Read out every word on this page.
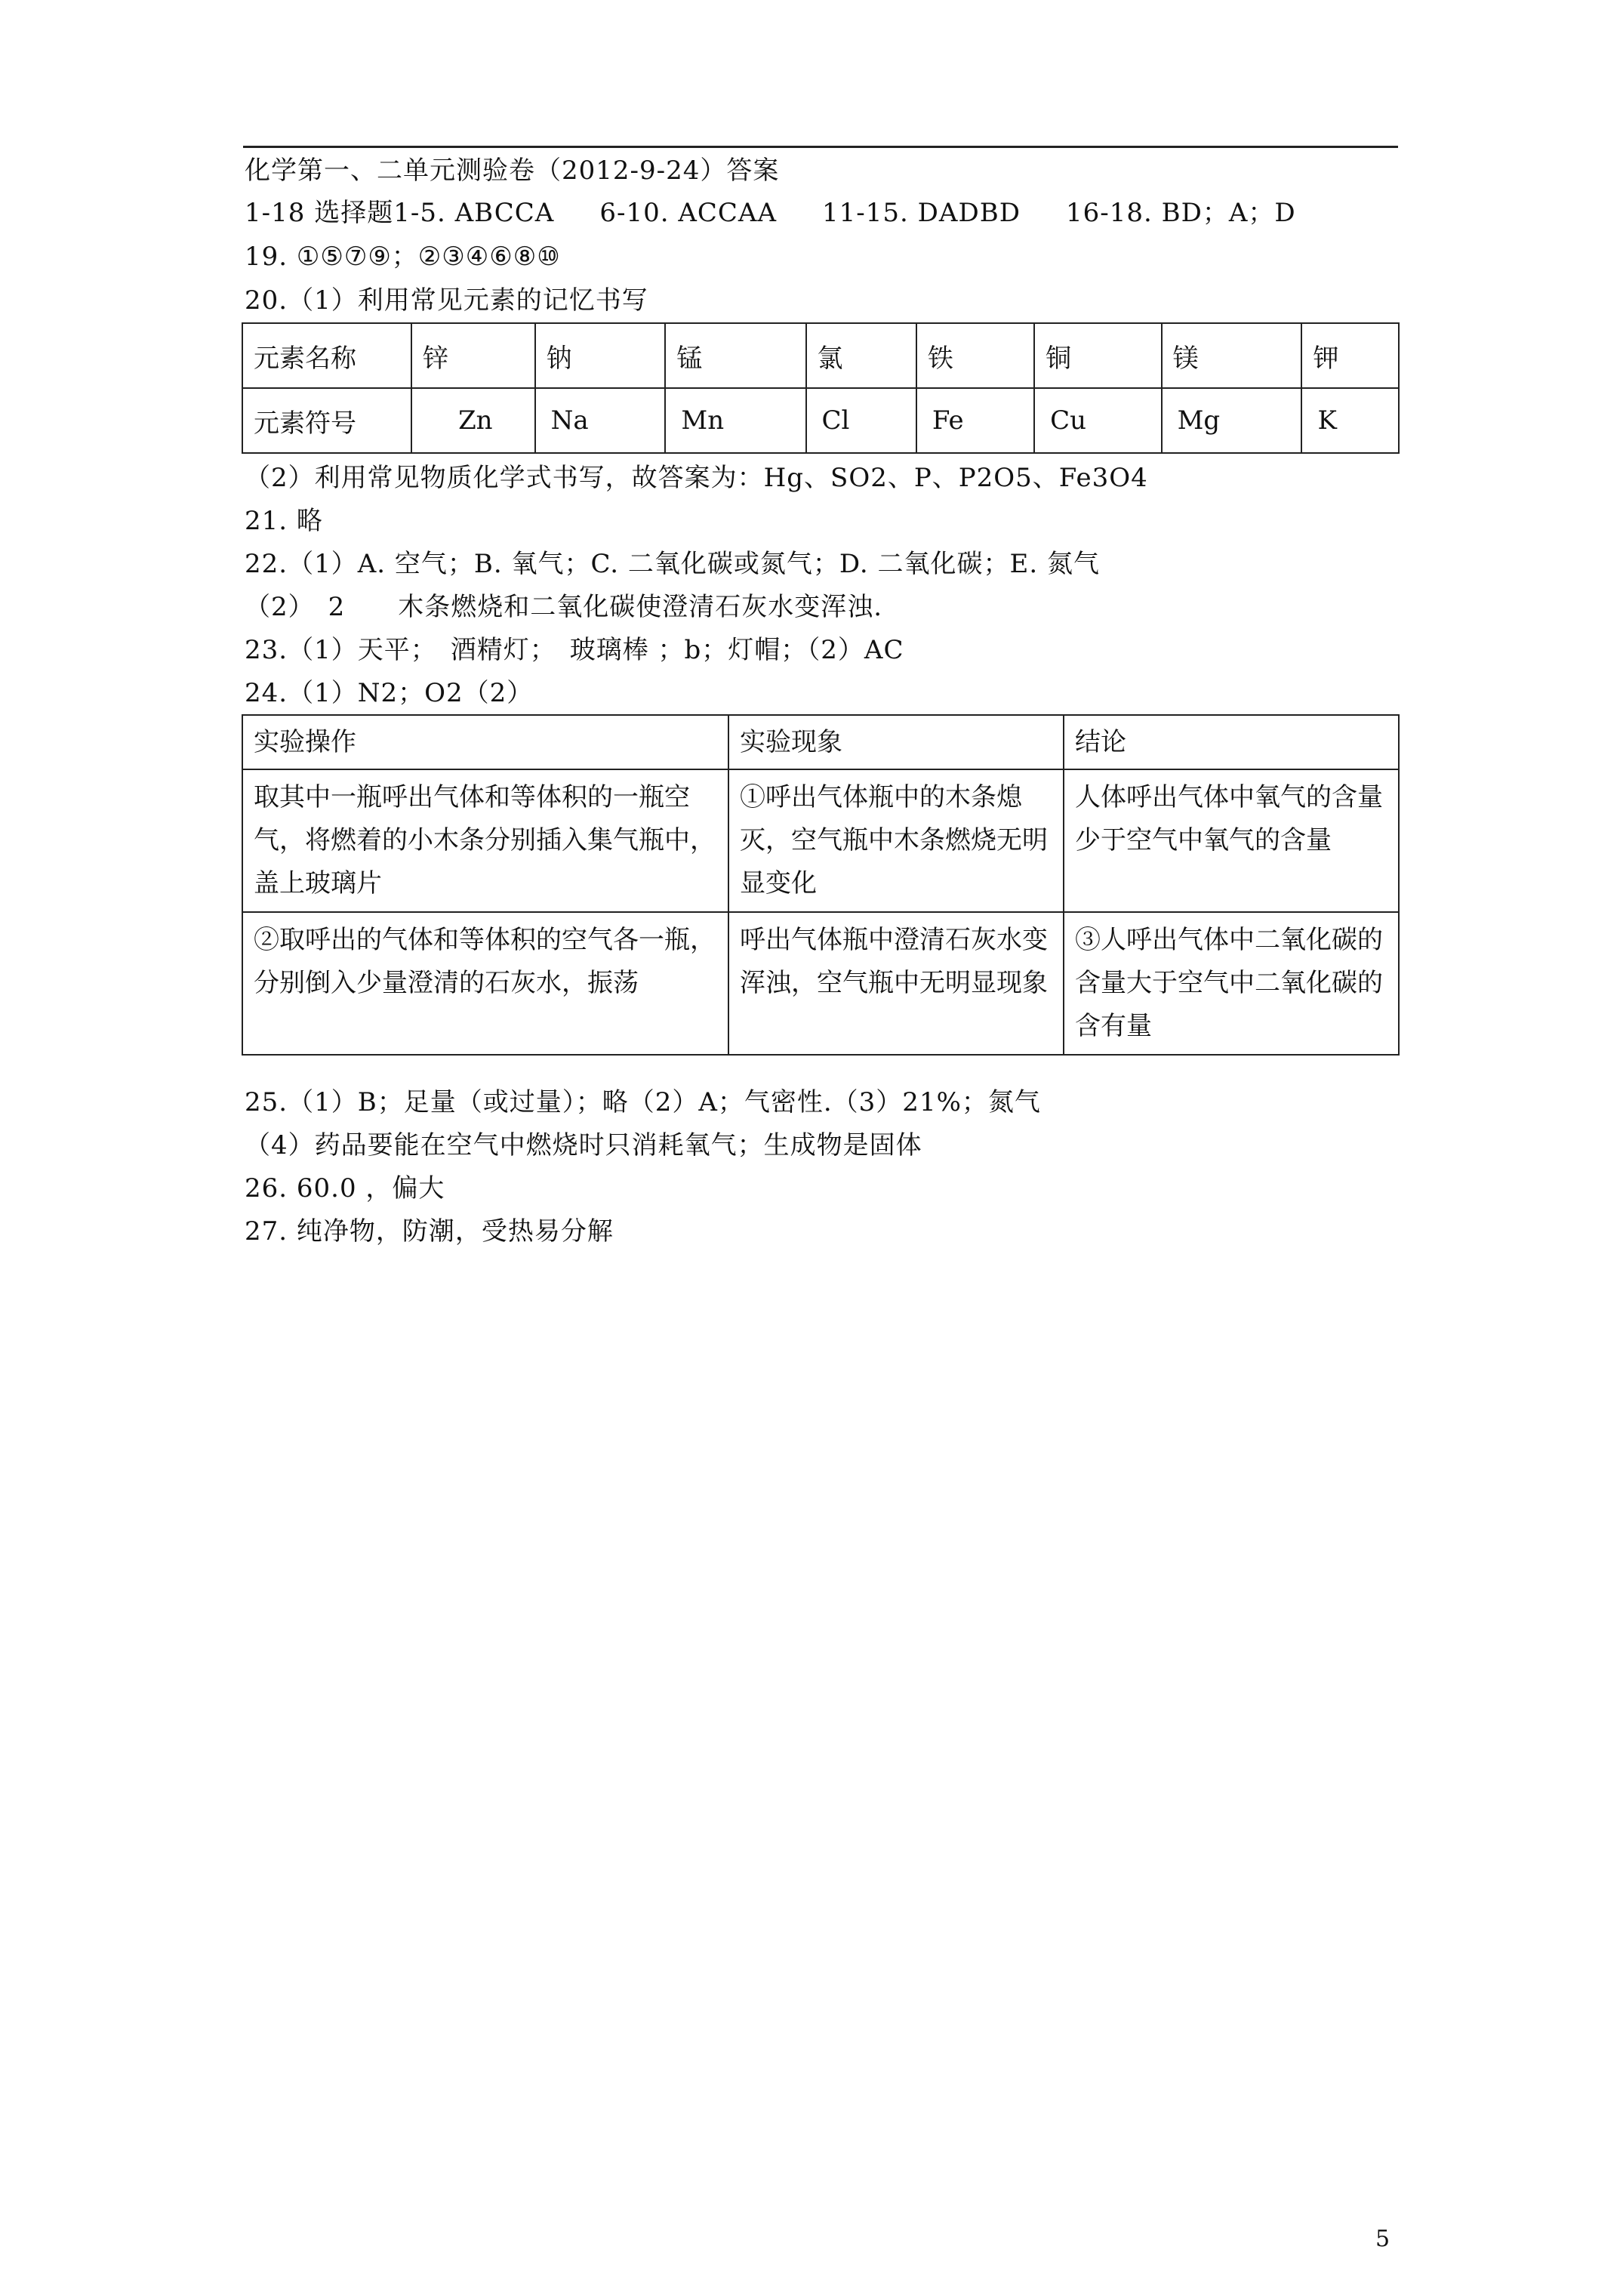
化学第一、二单元测验卷（2012-9-24）答案
1-18 选择题1-5. ABCCA 6-10. ACCAA 11-15. DADBD 16-18. BD；A；D
19. ①⑤⑦⑨；②③④⑥⑧⑩
20.（1）利用常见元素的记忆书写
元素名称	锌	钠	锰	氯	铁	铜	镁	钾
元素符号	Zn	Na	Mn	Cl	Fe	Cu	Mg	K
（2）利用常见物质化学式书写，故答案为：Hg、SO2、P、P2O5、Fe3O4
21. 略
22.（1）A. 空气；B. 氧气；C. 二氧化碳或氮气；D. 二氧化碳；E. 氮气
（2）　2　　木条燃烧和二氧化碳使澄清石灰水变浑浊.
23.（1）天平；　酒精灯；　玻璃棒 ；b；灯帽；（2）AC
24.（1）N2；O2（2）
实验操作	实验现象	结论
取其中一瓶呼出气体和等体积的一瓶空气，将燃着的小木条分别插入集气瓶中，盖上玻璃片	①呼出气体瓶中的木条熄灭，空气瓶中木条燃烧无明显变化	人体呼出气体中氧气的含量少于空气中氧气的含量
②取呼出的气体和等体积的空气各一瓶，分别倒入少量澄清的石灰水，振荡	呼出气体瓶中澄清石灰水变浑浊，空气瓶中无明显现象	③人呼出气体中二氧化碳的含量大于空气中二氧化碳的含有量
25.（1）B；足量（或过量）；略（2）A；气密性.（3）21%；氮气
（4）药品要能在空气中燃烧时只消耗氧气；生成物是固体
26. 60.0 ，偏大
27. 纯净物，防潮，受热易分解
5
